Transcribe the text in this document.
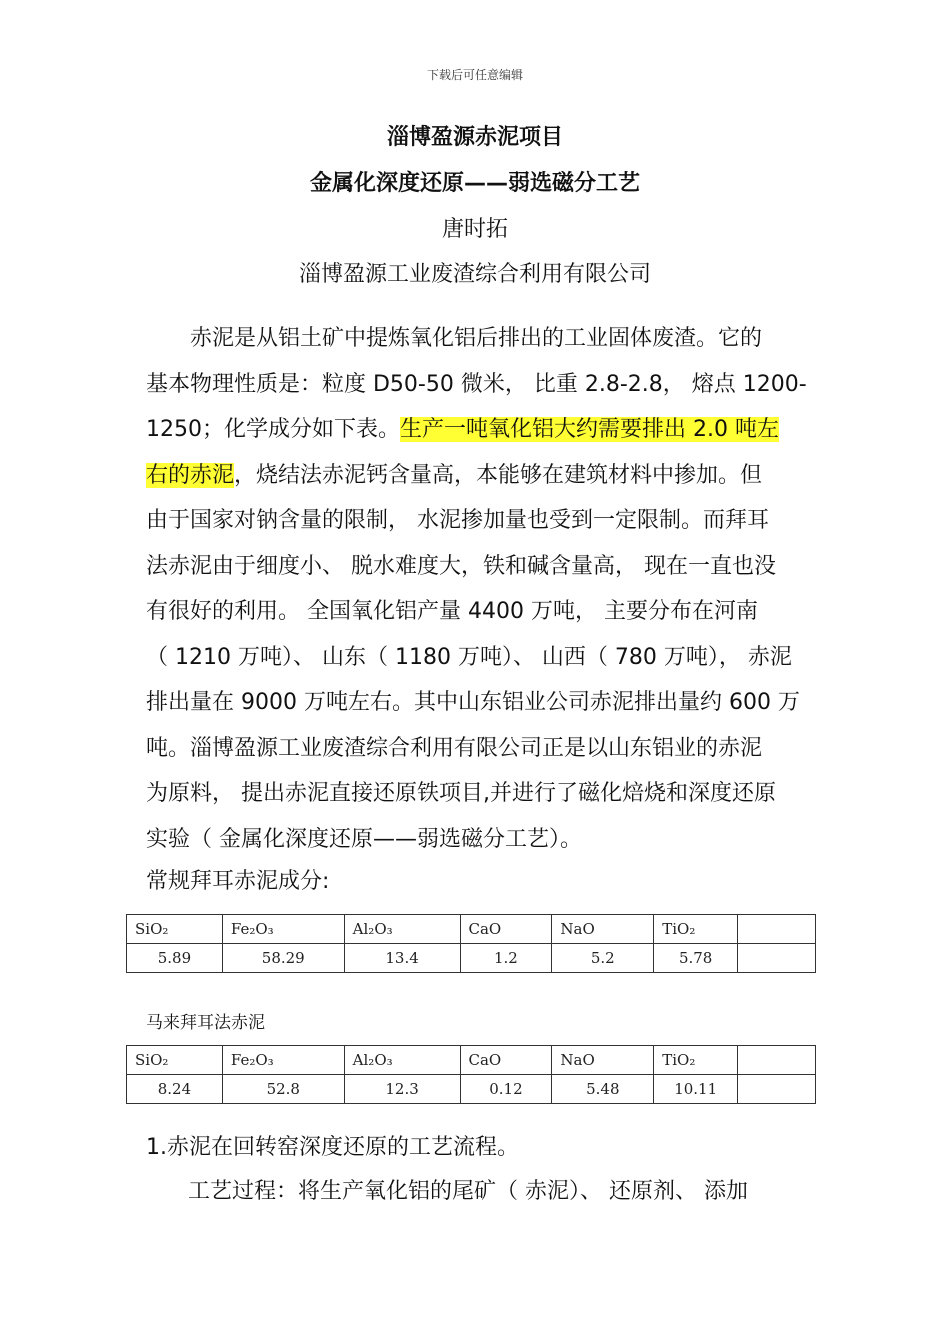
下载后可任意编辑
淄博盈源赤泥项目
金属化深度还原——弱选磁分工艺
唐时拓
淄博盈源工业废渣综合利用有限公司
　　赤泥是从铝土矿中提炼氧化铝后排出的工业固体废渣。它的
基本物理性质是：粒度 D50-50 微米， 比重 2.8-2.8， 熔点 1200-
1250；化学成分如下表。生产一吨氧化铝大约需要排出 2.0 吨左
右的赤泥，烧结法赤泥钙含量高，本能够在建筑材料中掺加。但
由于国家对钠含量的限制， 水泥掺加量也受到一定限制。而拜耳
法赤泥由于细度小、 脱水难度大，铁和碱含量高， 现在一直也没
有很好的利用。 全国氧化铝产量 4400 万吨， 主要分布在河南
（ 1210 万吨）、 山东（ 1180 万吨）、 山西（ 780 万吨）， 赤泥
排出量在 9000 万吨左右。其中山东铝业公司赤泥排出量约 600 万
吨。淄博盈源工业废渣综合利用有限公司正是以山东铝业的赤泥
为原料， 提出赤泥直接还原铁项目,并进行了磁化焙烧和深度还原
实验（ 金属化深度还原——弱选磁分工艺）。
常规拜耳赤泥成分:
SiO₂	Fe₂O₃	Al₂O₃	CaO	NaO	TiO₂	
5.89	58.29	13.4	1.2	5.2	5.78	
马来拜耳法赤泥
SiO₂	Fe₂O₃	Al₂O₃	CaO	NaO	TiO₂	
8.24	52.8	12.3	0.12	5.48	10.11	
1.赤泥在回转窑深度还原的工艺流程。
工艺过程：将生产氧化铝的尾矿（ 赤泥）、 还原剂、 添加
